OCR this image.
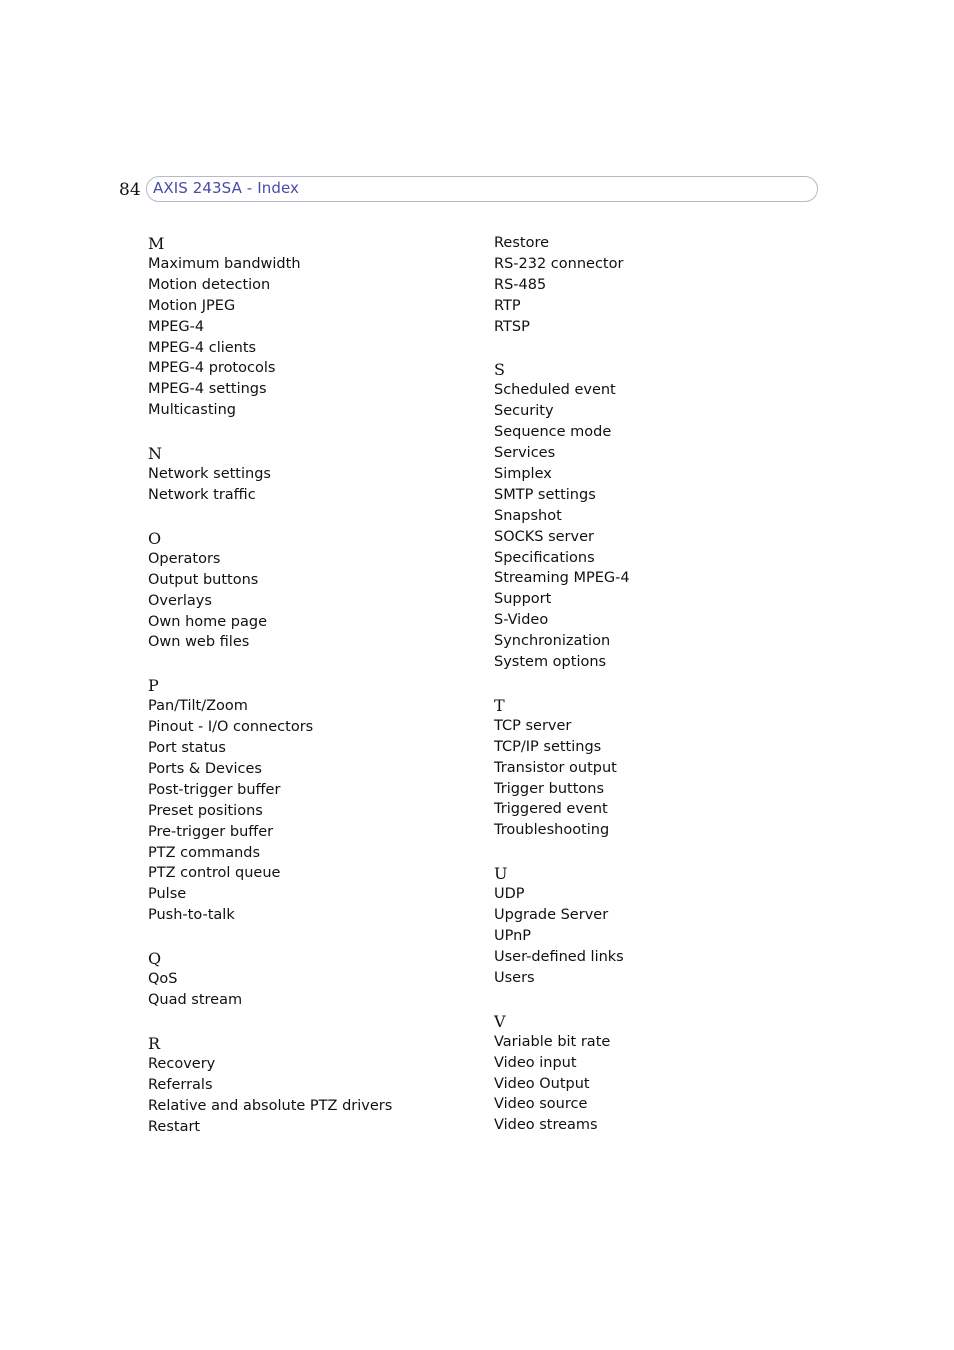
84 AXIS 243SA - Index
M
Maximum bandwidth
Motion detection
Motion JPEG
MPEG-4
MPEG-4 clients
MPEG-4 protocols
MPEG-4 settings
Multicasting
N
Network settings
Network traffic
O
Operators
Output buttons
Overlays
Own home page
Own web files
P
Pan/Tilt/Zoom
Pinout - I/O connectors
Port status
Ports & Devices
Post-trigger buffer
Preset positions
Pre-trigger buffer
PTZ commands
PTZ control queue
Pulse
Push-to-talk
Q
QoS
Quad stream
R
Recovery
Referrals
Relative and absolute PTZ drivers
Restart
Restore
RS-232 connector
RS-485
RTP
RTSP
S
Scheduled event
Security
Sequence mode
Services
Simplex
SMTP settings
Snapshot
SOCKS server
Specifications
Streaming MPEG-4
Support
S-Video
Synchronization
System options
T
TCP server
TCP/IP settings
Transistor output
Trigger buttons
Triggered event
Troubleshooting
U
UDP
Upgrade Server
UPnP
User-defined links
Users
V
Variable bit rate
Video input
Video Output
Video source
Video streams
